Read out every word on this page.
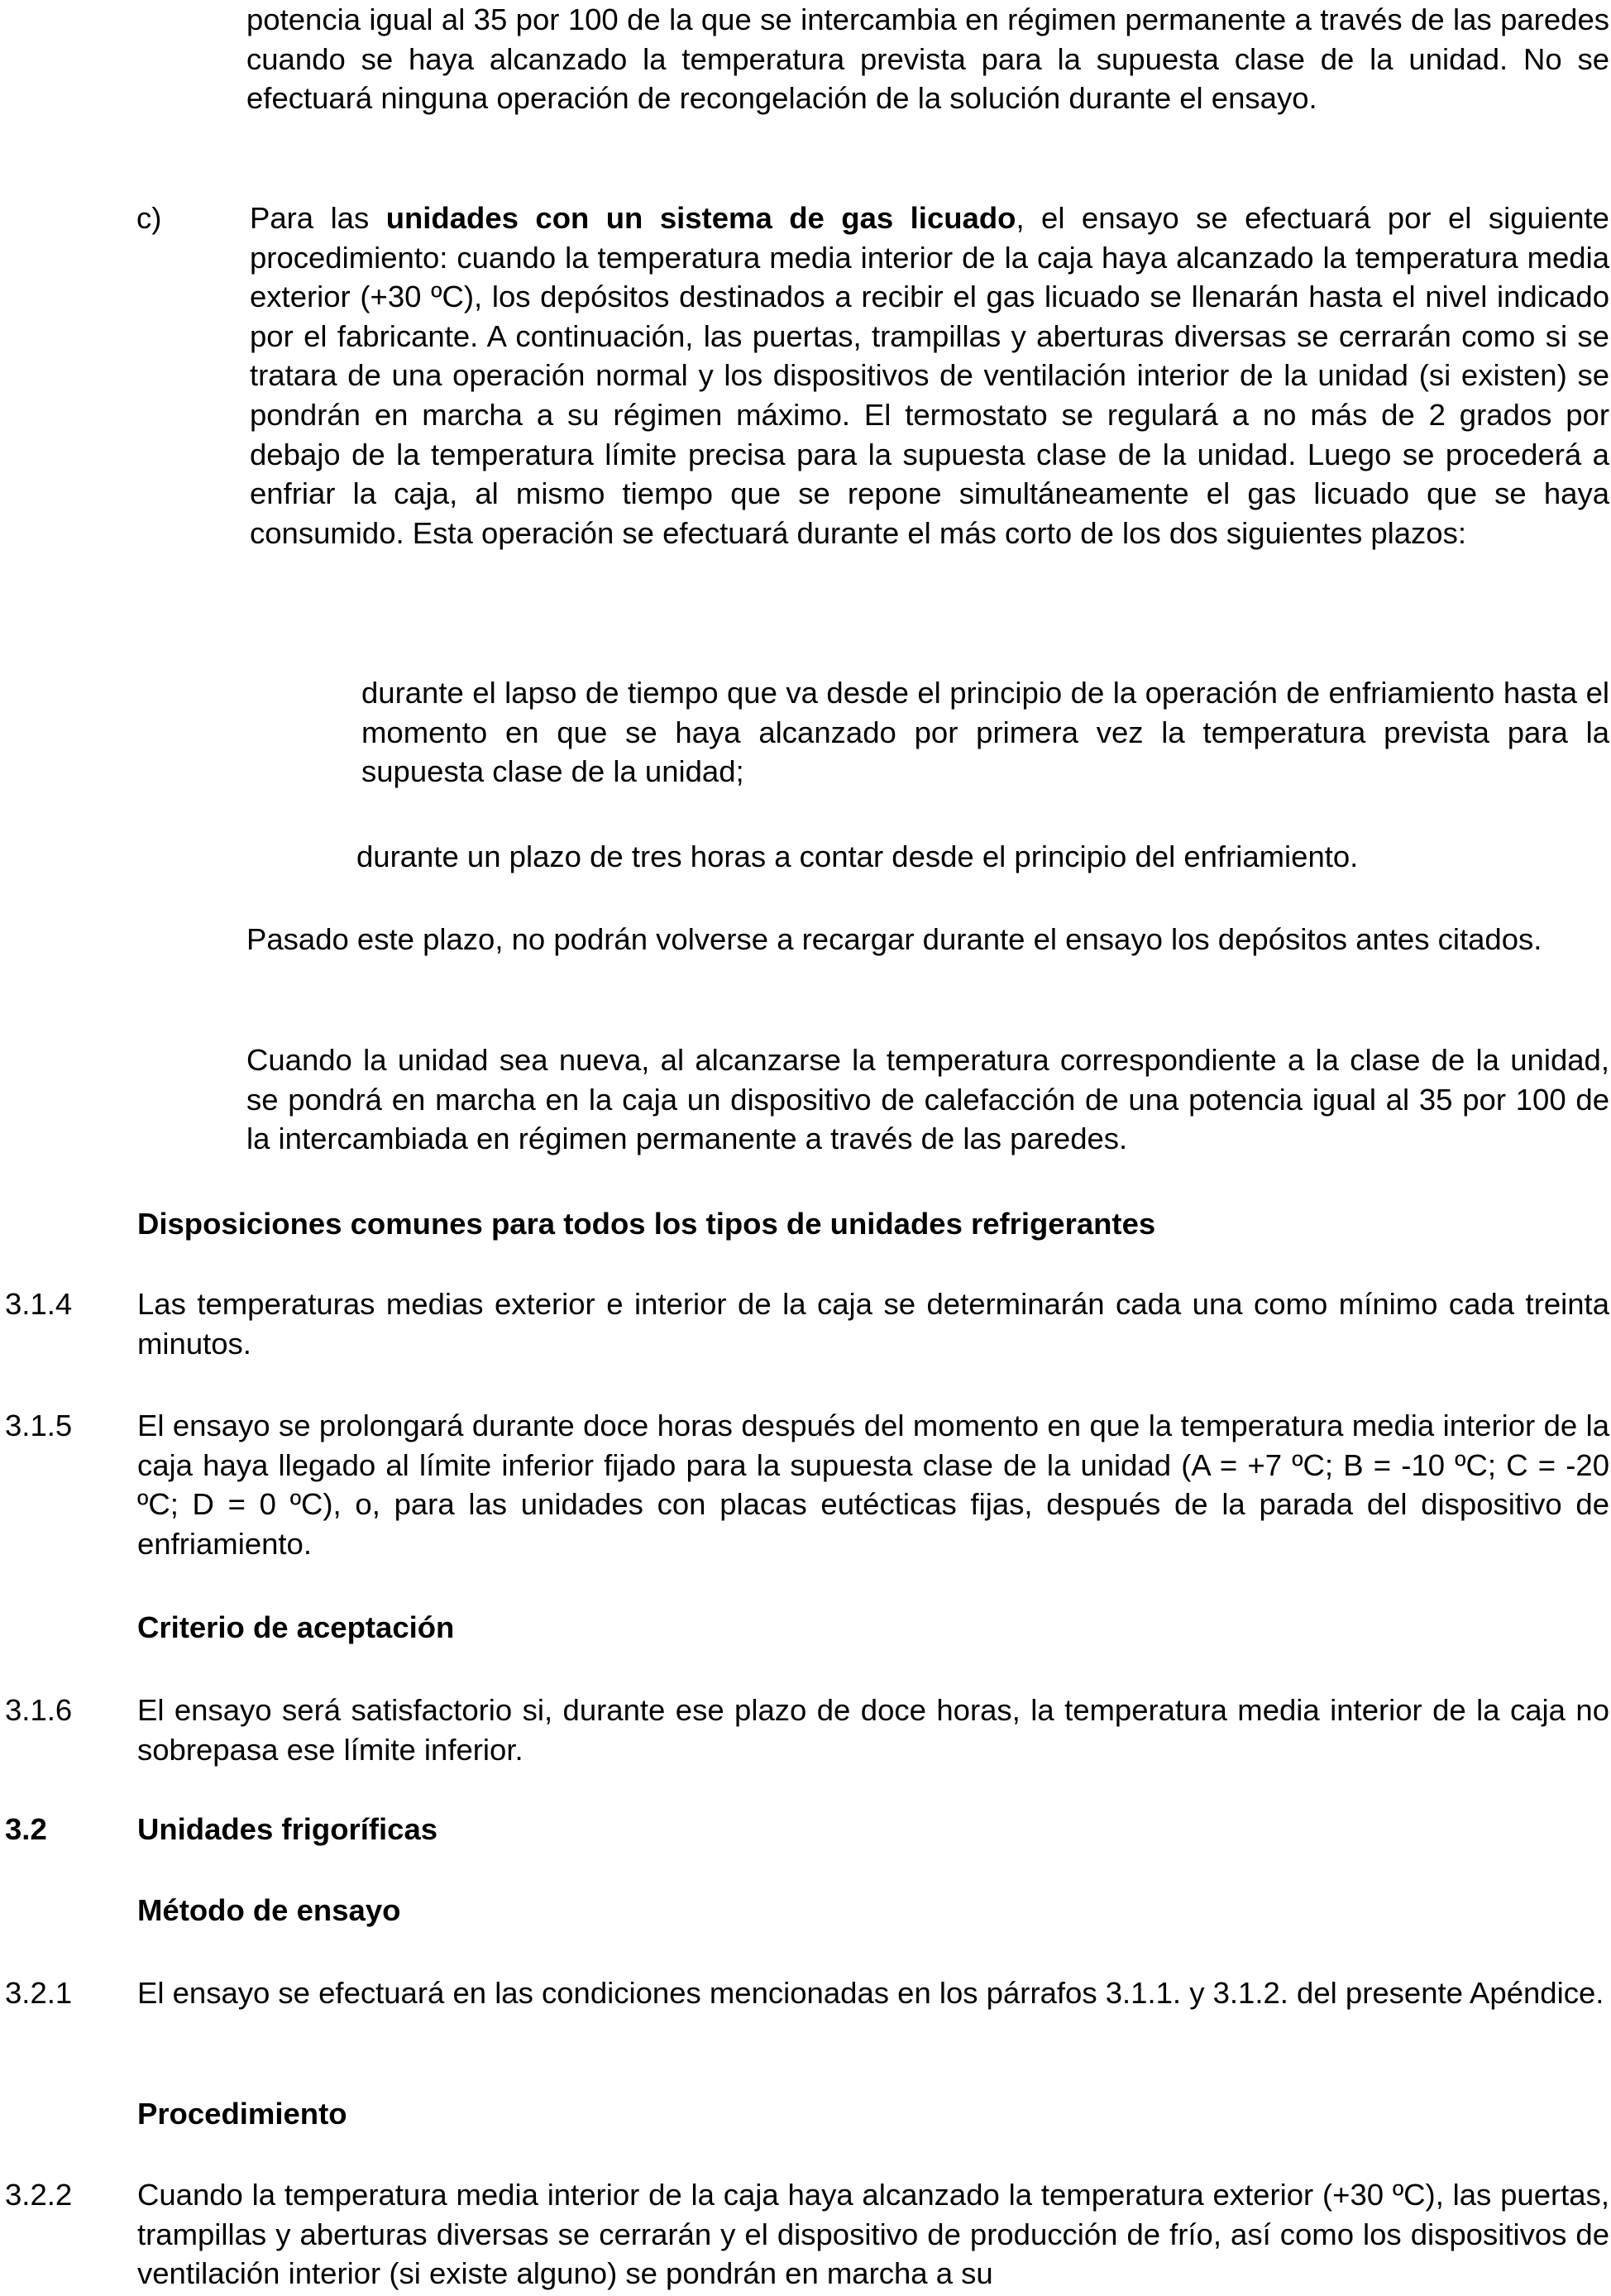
potencia igual al 35 por 100 de la que se intercambia en régimen permanente a través de las paredes cuando se haya alcanzado la temperatura prevista para la supuesta clase de la unidad. No se efectuará ninguna operación de recongelación de la solución durante el ensayo.

c)	Para las unidades con un sistema de gas licuado, el ensayo se efectuará por el siguiente procedimiento: cuando la temperatura media interior de la caja haya alcanzado la temperatura media exterior (+30 ºC), los depósitos destinados a recibir el gas licuado se llenarán hasta el nivel indicado por el fabricante. A continuación, las puertas, trampillas y aberturas diversas se cerrarán como si se tratara de una operación normal y los dispositivos de ventilación interior de la unidad (si existen) se pondrán en marcha a su régimen máximo. El termostato se regulará a no más de 2 grados por debajo de la temperatura límite precisa para la supuesta clase de la unidad. Luego se procederá a enfriar la caja, al mismo tiempo que se repone simultáneamente el gas licuado que se haya consumido. Esta operación se efectuará durante el más corto de los dos siguientes plazos:

durante el lapso de tiempo que va desde el principio de la operación de enfriamiento hasta el momento en que se haya alcanzado por primera vez la temperatura prevista para la supuesta clase de la unidad;

durante un plazo de tres horas a contar desde el principio del enfriamiento.

Pasado este plazo, no podrán volverse a recargar durante el ensayo los depósitos antes citados.

Cuando la unidad sea nueva, al alcanzarse la temperatura correspondiente a la clase de la unidad, se pondrá en marcha en la caja un dispositivo de calefacción de una potencia igual al 35 por 100 de la intercambiada en régimen permanente a través de las paredes.

Disposiciones comunes para todos los tipos de unidades refrigerantes

3.1.4 Las temperaturas medias exterior e interior de la caja se determinarán cada una como mínimo cada treinta minutos.

3.1.5 El ensayo se prolongará durante doce horas después del momento en que la temperatura media interior de la caja haya llegado al límite inferior fijado para la supuesta clase de la unidad (A = +7 ºC; B = -10 ºC; C = -20 ºC; D = 0 ºC), o, para las unidades con placas eutécticas fijas, después de la parada del dispositivo de enfriamiento.

Criterio de aceptación

3.1.6 El ensayo será satisfactorio si, durante ese plazo de doce horas, la temperatura media interior de la caja no sobrepasa ese límite inferior.

3.2	Unidades frigoríficas

Método de ensayo

3.2.1 El ensayo se efectuará en las condiciones mencionadas en los párrafos 3.1.1. y 3.1.2. del presente Apéndice.

Procedimiento

3.2.2 Cuando la temperatura media interior de la caja haya alcanzado la temperatura exterior (+30 ºC), las puertas, trampillas y aberturas diversas se cerrarán y el dispositivo de producción de frío, así como los dispositivos de ventilación interior (si existe alguno) se pondrán en marcha a su
